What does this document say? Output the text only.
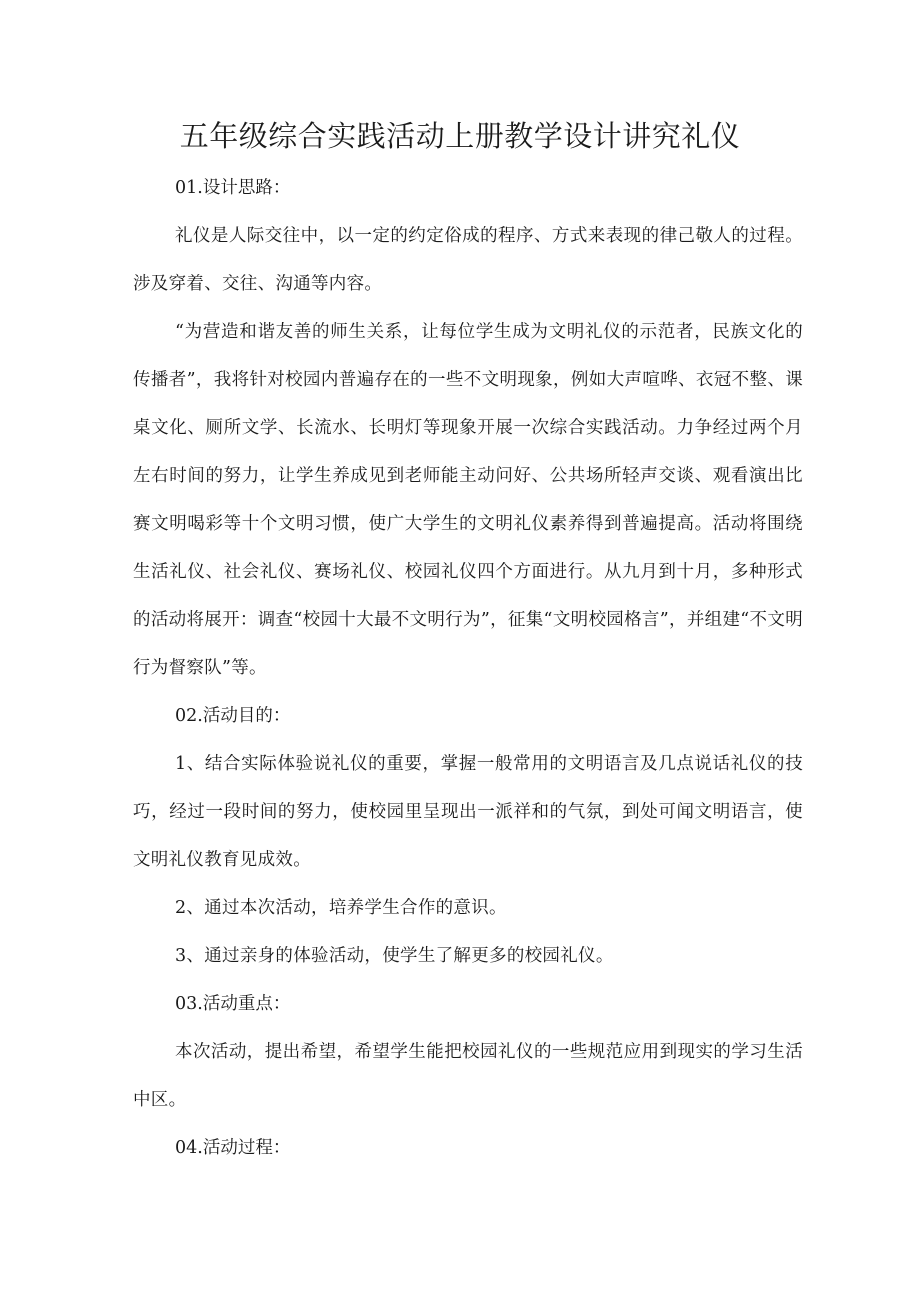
五年级综合实践活动上册教学设计讲究礼仪

01.设计思路：

礼仪是人际交往中，以一定的约定俗成的程序、方式来表现的律己敬人的过程。涉及穿着、交往、沟通等内容。

“为营造和谐友善的师生关系，让每位学生成为文明礼仪的示范者，民族文化的传播者”，我将针对校园内普遍存在的一些不文明现象，例如大声喧哗、衣冠不整、课桌文化、厕所文学、长流水、长明灯等现象开展一次综合实践活动。力争经过两个月左右时间的努力，让学生养成见到老师能主动问好、公共场所轻声交谈、观看演出比赛文明喝彩等十个文明习惯，使广大学生的文明礼仪素养得到普遍提高。活动将围绕生活礼仪、社会礼仪、赛场礼仪、校园礼仪四个方面进行。从九月到十月，多种形式的活动将展开：调查“校园十大最不文明行为”，征集“文明校园格言”，并组建“不文明行为督察队”等。

02.活动目的：

1、结合实际体验说礼仪的重要，掌握一般常用的文明语言及几点说话礼仪的技巧，经过一段时间的努力，使校园里呈现出一派祥和的气氛，到处可闻文明语言，使文明礼仪教育见成效。

2、通过本次活动，培养学生合作的意识。

3、通过亲身的体验活动，使学生了解更多的校园礼仪。

03.活动重点：

本次活动，提出希望，希望学生能把校园礼仪的一些规范应用到现实的学习生活中区。

04.活动过程：
